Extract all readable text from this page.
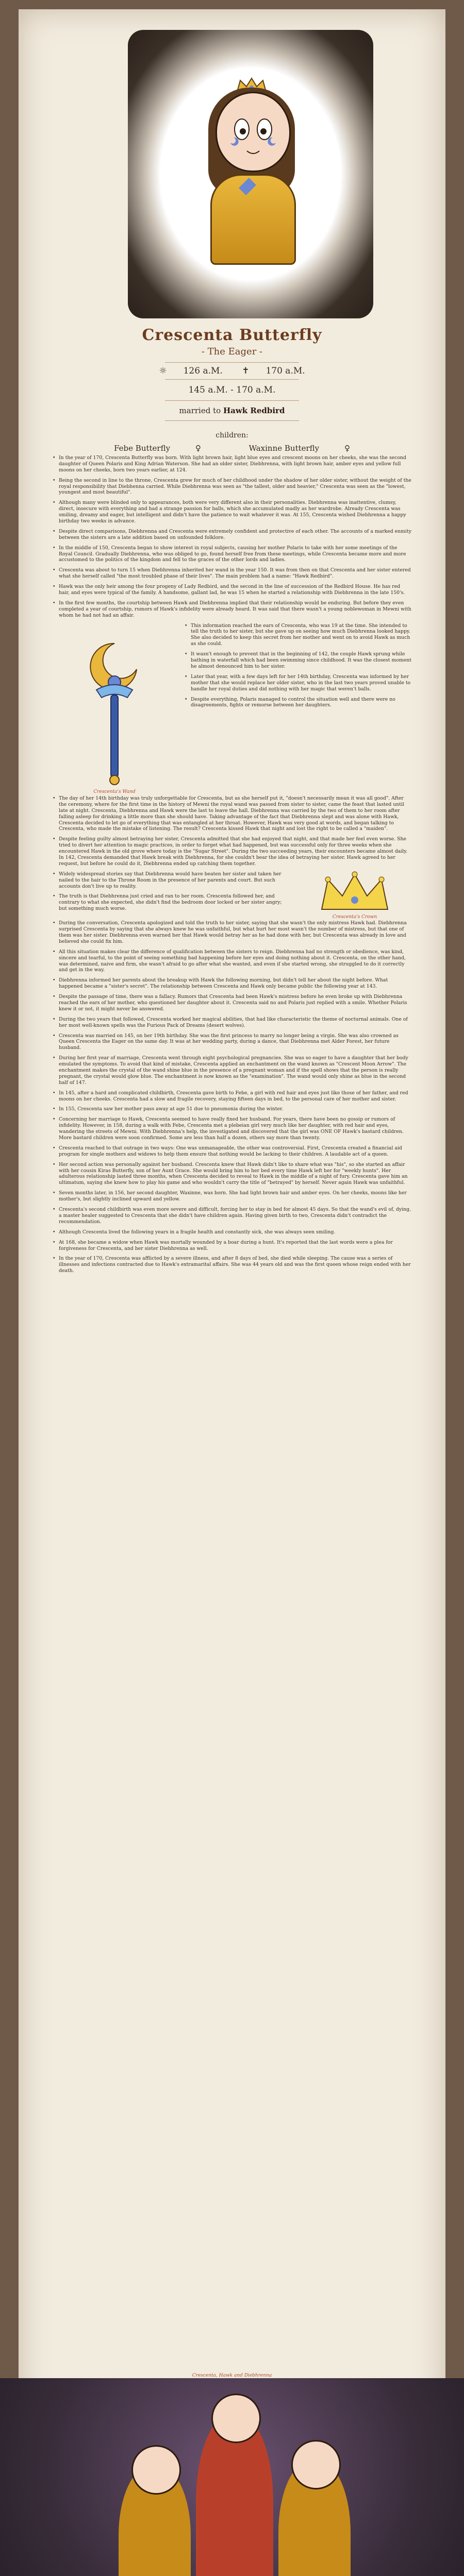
Crescenta Butterfly
- The Eager -
☼ 126 a.M. ✝ 170 a.M.
145 a.M. - 170 a.M.
married to Hawk Redbird
children:
Febe Butterfly	♀	Waxinne Butterfly	♀

• In the year of 170, Crescenta Butterfly was born. With light brown hair, light blue eyes and crescent moons on her cheeks, she was the second daughter of Queen Polaris and King Adrian Waterson. She had an older sister, Diebhrenna, with light brown hair, amber eyes and yellow full moons on her cheeks, born two years earlier, at 124.

• Being the second in line to the throne, Crescenta grew for much of her childhood under the shadow of her older sister, without the weight of the royal responsibility that Diebhenna carried. While Diebhrenna was seen as "the tallest, older and heavier," Crescenta was seen as the "lowest, youngest and most beautiful".

• Although many were blinded only to appearances, both were very different also in their personalities. Diebhrenna was inattentive, clumsy, direct, insecure with everything and had a strange passion for balls, which she accumulated madly as her wardrobe. Already Crescenta was smiling, dreamy and eager, but intelligent and didn't have the patience to wait whatever it was. At 155, Crescenta wished Diebhrenna a happy birthday two weeks in advance.

• Despite direct comparisons, Diebhrenna and Crescenta were extremely confident and protective of each other. The accounts of a marked enmity between the sisters are a late addition based on unfounded folklore.

• In the middle of 150, Crescenta began to show interest in royal subjects, causing her mother Polaris to take with her some meetings of the Royal Council. Gradually Diebhrenna, who was obliged to go, found herself free from these meetings, while Crescenta became more and more accustomed to the politics of the kingdom and fell to the graces of the other lords and ladies.

• Crescenta was about to turn 15 when Diebhrenna inherited her wand in the year 150. It was from then on that Crescenta and her sister entered what she herself called "the most troubled phase of their lives". The main problem had a name: "Hawk Redbird".

• Hawk was the only heir among the four progeny of Lady Redbird, and the second in the line of succession of the Redbird House. He has red hair, and eyes were typical of the family. A handsome, gallant lad, he was 15 when he started a relationship with Diebhrenna in the late 150's.

• In the first few months, the courtship between Hawk and Diebhrenna implied that their relationship would be enduring. But before they even completed a year of courtship, rumors of Hawk's infidelity were already heard. It was said that there wasn't a young noblewoman in Mewni with whom he had not had an affair.

Crescenta's Wand

• This information reached the ears of Crescenta, who was 19 at the time. She intended to tell the truth to her sister, but she gave up on seeing how much Diebhrenna looked happy. She also decided to keep this secret from her mother and went on to avoid Hawk as much as she could.

• It wasn't enough to prevent that in the beginning of 142, the couple Hawk sprung while bathing in waterfall which had been swimming since childhood. It was the closest moment he almost denounced him to her sister.

• Later that year, with a few days left for her 14th birthday, Crescenta was informed by her mother that she would replace her older sister, who in the last two years proved unable to handle her royal duties and did nothing with her magic that weren't balls.

• Despite everything, Polaris managed to control the situation well and there were no disagreements, fights or remorse between her daughters.

• The day of her 14th birthday was truly unforgettable for Crescenta, but as she herself put it, "doesn't necessarily mean it was all good". After the ceremony, where for the first time in the history of Mewni the royal wand was passed from sister to sister, came the feast that lasted until late at night. Crescenta, Diebhrenna and Hawk were the last to leave the hall. Diebhrenna was carried by the two of them to her room after falling asleep for drinking a little more than she should have. Taking advantage of the fact that Diebhrenna slept and was alone with Hawk, Crescenta decided to let go of everything that was entangled at her throat. However, Hawk was very good at words, and began talking to Crescenta, who made the mistake of listening. The result? Crescenta kissed Hawk that night and lost the right to be called a "maiden".

• Despite feeling guilty almost betraying her sister, Crescenta admitted that she had enjoyed that night, and that made her feel even worse. She tried to divert her attention to magic practices, in order to forget what had happened, but was successful only for three weeks when she encountered Hawk in the old grove where today is the "Sugar Street". During the two succeeding years, their encounters became almost daily. In 142, Crescenta demanded that Hawk break with Diebhrenna, for she couldn't bear the idea of betraying her sister. Hawk agreed to her request, but before he could do it, Diebhrenna ended up catching them together.

• Widely widespread stories say that Diebhrenna would have beaten her sister and taken her nailed to the hair to the Throne Room in the presence of her parents and court. But such accounts don't live up to reality.

• The truth is that Diebhrenna just cried and ran to her room. Crescenta followed her, and contrary to what she expected, she didn't find the bedroom door locked or her sister angry; but something much worse.

Crescenta's Crown

• During the conversation, Crescenta apologized and told the truth to her sister, saying that she wasn't the only mistress Hawk had. Diebhrenna surprised Crescenta by saying that she always knew he was unfaithful, but what hurt her most wasn't the number of mistress, but that one of them was her sister. Diebhrenna even warned her that Hawk would betray her as he had done with her, but Crescenta was already in love and believed she could fix him.

• All this situation makes clear the difference of qualification between the sisters to reign. Diebhrenna had no strength or obedience, was kind, sincere and tearful, to the point of seeing something bad happening before her eyes and doing nothing about it. Crescenta, on the other hand, was determined, naive and firm, she wasn't afraid to go after what she wanted, and even if she started wrong, she struggled to do it correctly and get in the way.

• Diebhrenna informed her parents about the breakup with Hawk the following morning, but didn't tell her about the night before. What happened became a "sister's secret". The relationship between Crescenta and Hawk only became public the following year at 143.

• Despite the passage of time, there was a fallacy. Rumors that Crescenta had been Hawk's mistress before he even broke up with Diebhrenna reached the ears of her mother, who questioned her daughter about it. Crescenta said no and Polaris just replied with a smile. Whether Polaris knew it or not, it might never be answered.

• During the two years that followed, Crescenta worked her magical abilities, that had like characteristic the theme of nocturnal animals. One of her most well-known spells was the Furious Pack of Dreams (desert wolves).

• Crescenta was married on 145, on her 19th birthday. She was the first princess to marry no longer being a virgin. She was also crowned as Queen Crescenta the Eager on the same day. It was at her wedding party, during a dance, that Diebhrenna met Alder Forest, her future husband.

• During her first year of marriage, Crescenta went through eight psychological pregnancies. She was so eager to have a daughter that her body emulated the symptoms. To avoid that kind of mistake, Crescenta applied an enchantment on the wand known as "Crescent Moon Arrow". The enchantment makes the crystal of the wand shine blue in the presence of a pregnant woman and if the spell shows that the person is really pregnant, the crystal would glow blue. The enchantment is now known as the "examination". The wand would only shine as blue in the second half of 147.

• In 145, after a hard and complicated childbirth, Crescenta gave birth to Febe, a girl with red hair and eyes just like those of her father, and red moons on her cheeks. Crescenta had a slow and fragile recovery, staying fifteen days in bed, to the personal care of her mother and sister.

• In 155, Crescenta saw her mother pass away at age 51 due to pneumonia during the winter.

• Concerning her marriage to Hawk, Crescenta seemed to have really fixed her husband. For years, there have been no gossip or rumors of infidelity. However, in 158, during a walk with Febe, Crescenta met a plebeian girl very much like her daughter, with red hair and eyes, wandering the streets of Mewni. With Diebhrenna's help, the investigated and discovered that the girl was ONE OF Hawk's bastard children. More bastard children were soon confirmed. Some are less than half a dozen, others say more than twenty.

• Crescenta reached to that outrage in two ways: One was unmanageable, the other was controversial. First, Crescenta created a financial aid program for single mothers and widows to help them ensure that nothing would be lacking to their children. A laudable act of a queen.

• Her second action was personally against her husband. Crescenta knew that Hawk didn't like to share what was "his", so she started an affair with her cousin Kiras Butterfly, son of her Aunt Grace. She would bring him to her bed every time Hawk left her for "weekly hunts". Her adulterous relationship lasted three months, when Crescenta decided to reveal to Hawk in the middle of a night of fury. Crescenta gave him an ultimatum, saying she knew how to play his game and who wouldn't carry the title of "betrayed" by herself. Never again Hawk was unfaithful.

• Seven months later, in 156, her second daughter, Waxinne, was born. She had light brown hair and amber eyes. On her cheeks, moons like her mother's, but slightly inclined upward and yellow.

• Crescenta's second childbirth was even more severe and difficult, forcing her to stay in bed for almost 45 days. So that the wand's evil of, dying, a master healer suggested to Crescenta that she didn't have children again. Having given birth to two, Crescenta didn't contradict the recommendation.

• Although Crescenta lived the following years in a fragile health and constantly sick, she was always seen smiling.

• At 168, she became a widow when Hawk was mortally wounded by a boar during a hunt. It's reported that the last words were a plea for forgiveness for Crescenta, and her sister Diebhrenna as well.

• In the year of 170, Crescenta was afflicted by a severe illness, and after 8 days of bed, she died while sleeping. The cause was a series of illnesses and infections contracted due to Hawk's extramarital affairs. She was 44 years old and was the first queen whose reign ended with her death.

Crescenta, Hawk and Diebhrenna
